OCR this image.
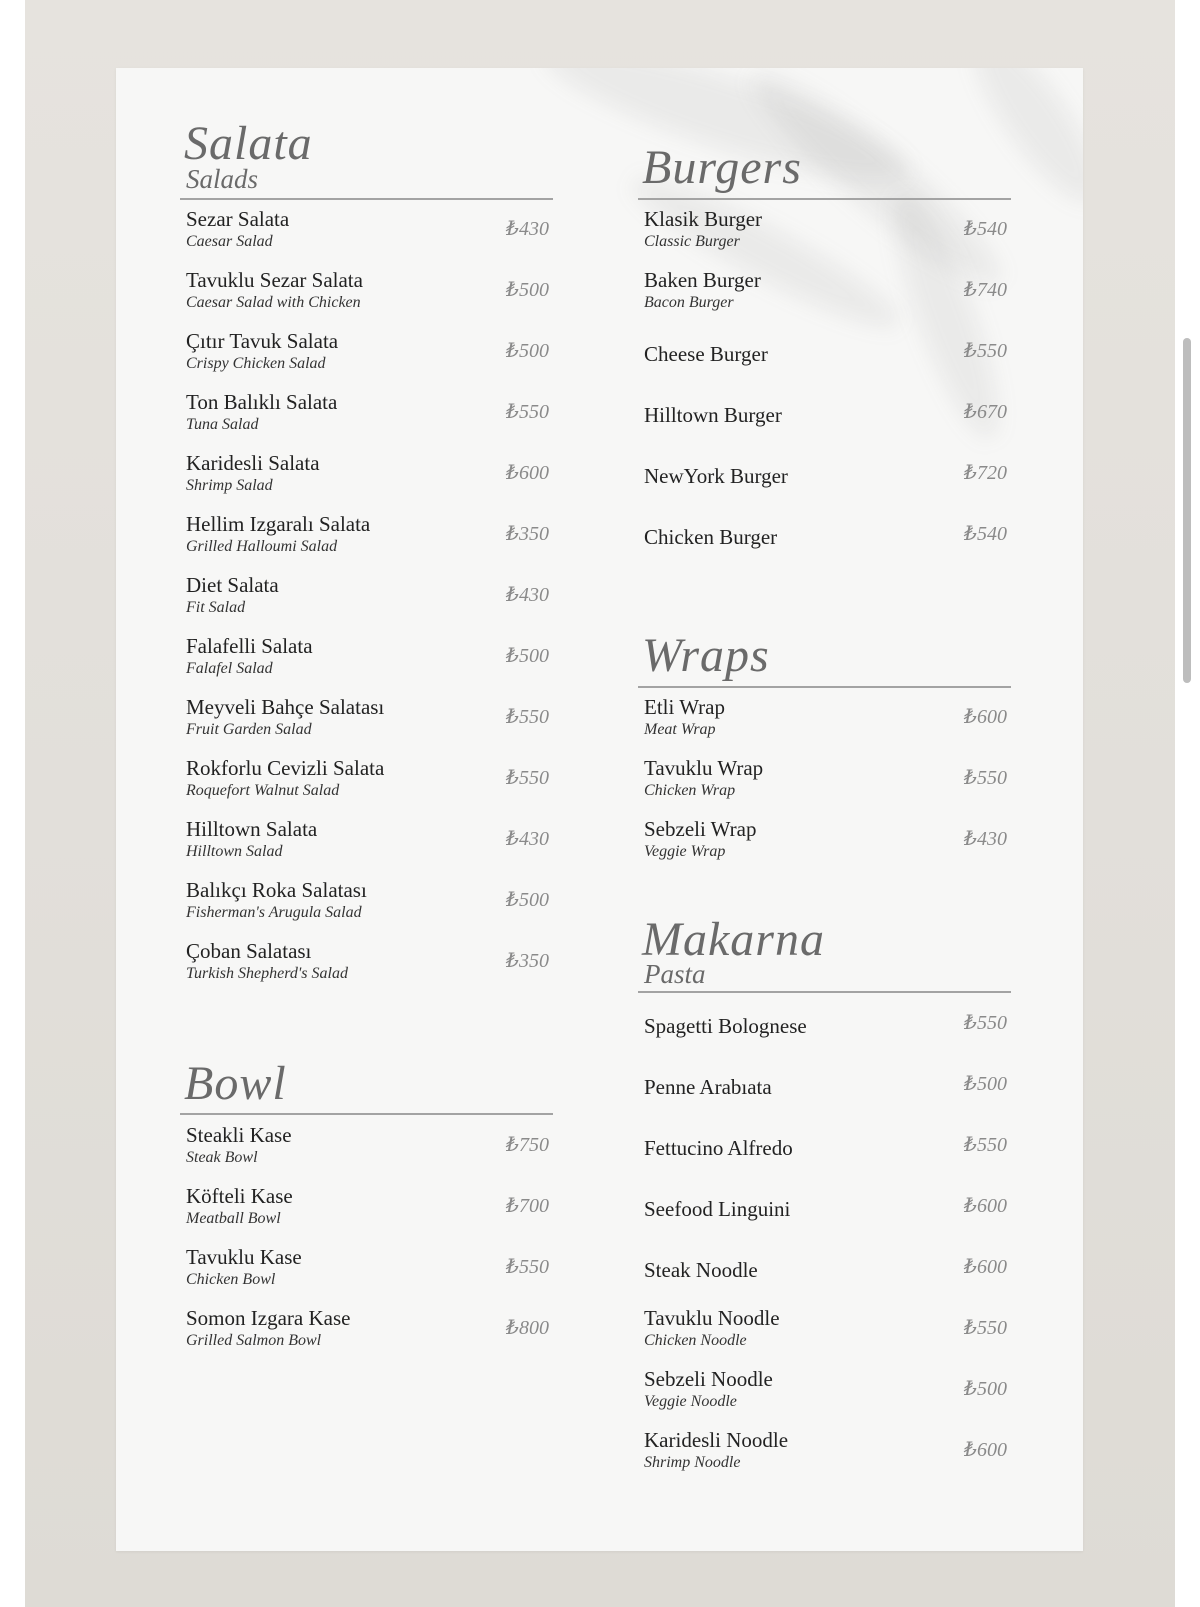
Salata
Salads
Sezar Salata
Caesar Salad
₺430
Tavuklu Sezar Salata
Caesar Salad with Chicken
₺500
Çıtır Tavuk Salata
Crispy Chicken Salad
₺500
Ton Balıklı Salata
Tuna Salad
₺550
Karidesli Salata
Shrimp Salad
₺600
Hellim Izgaralı Salata
Grilled Halloumi Salad
₺350
Diet Salata
Fit Salad
₺430
Falafelli Salata
Falafel Salad
₺500
Meyveli Bahçe Salatası
Fruit Garden Salad
₺550
Rokforlu Cevizli Salata
Roquefort Walnut Salad
₺550
Hilltown Salata
Hilltown Salad
₺430
Balıkçı Roka Salatası
Fisherman's Arugula Salad
₺500
Çoban Salatası
Turkish Shepherd's Salad
₺350
Bowl
Steakli Kase
Steak Bowl
₺750
Köfteli Kase
Meatball Bowl
₺700
Tavuklu Kase
Chicken Bowl
₺550
Somon Izgara Kase
Grilled Salmon Bowl
₺800
Burgers
Klasik Burger
Classic Burger
₺540
Baken Burger
Bacon Burger
₺740
Cheese Burger	₺550
Hilltown Burger	₺670
NewYork Burger	₺720
Chicken Burger	₺540
Wraps
Etli Wrap
Meat Wrap
₺600
Tavuklu Wrap
Chicken Wrap
₺550
Sebzeli Wrap
Veggie Wrap
₺430
Makarna
Pasta
Spagetti Bolognese	₺550
Penne Arabıata	₺500
Fettucino Alfredo	₺550
Seefood Linguini	₺600
Steak Noodle	₺600
Tavuklu Noodle
Chicken Noodle
₺550
Sebzeli Noodle
Veggie Noodle
₺500
Karidesli Noodle
Shrimp Noodle
₺600
